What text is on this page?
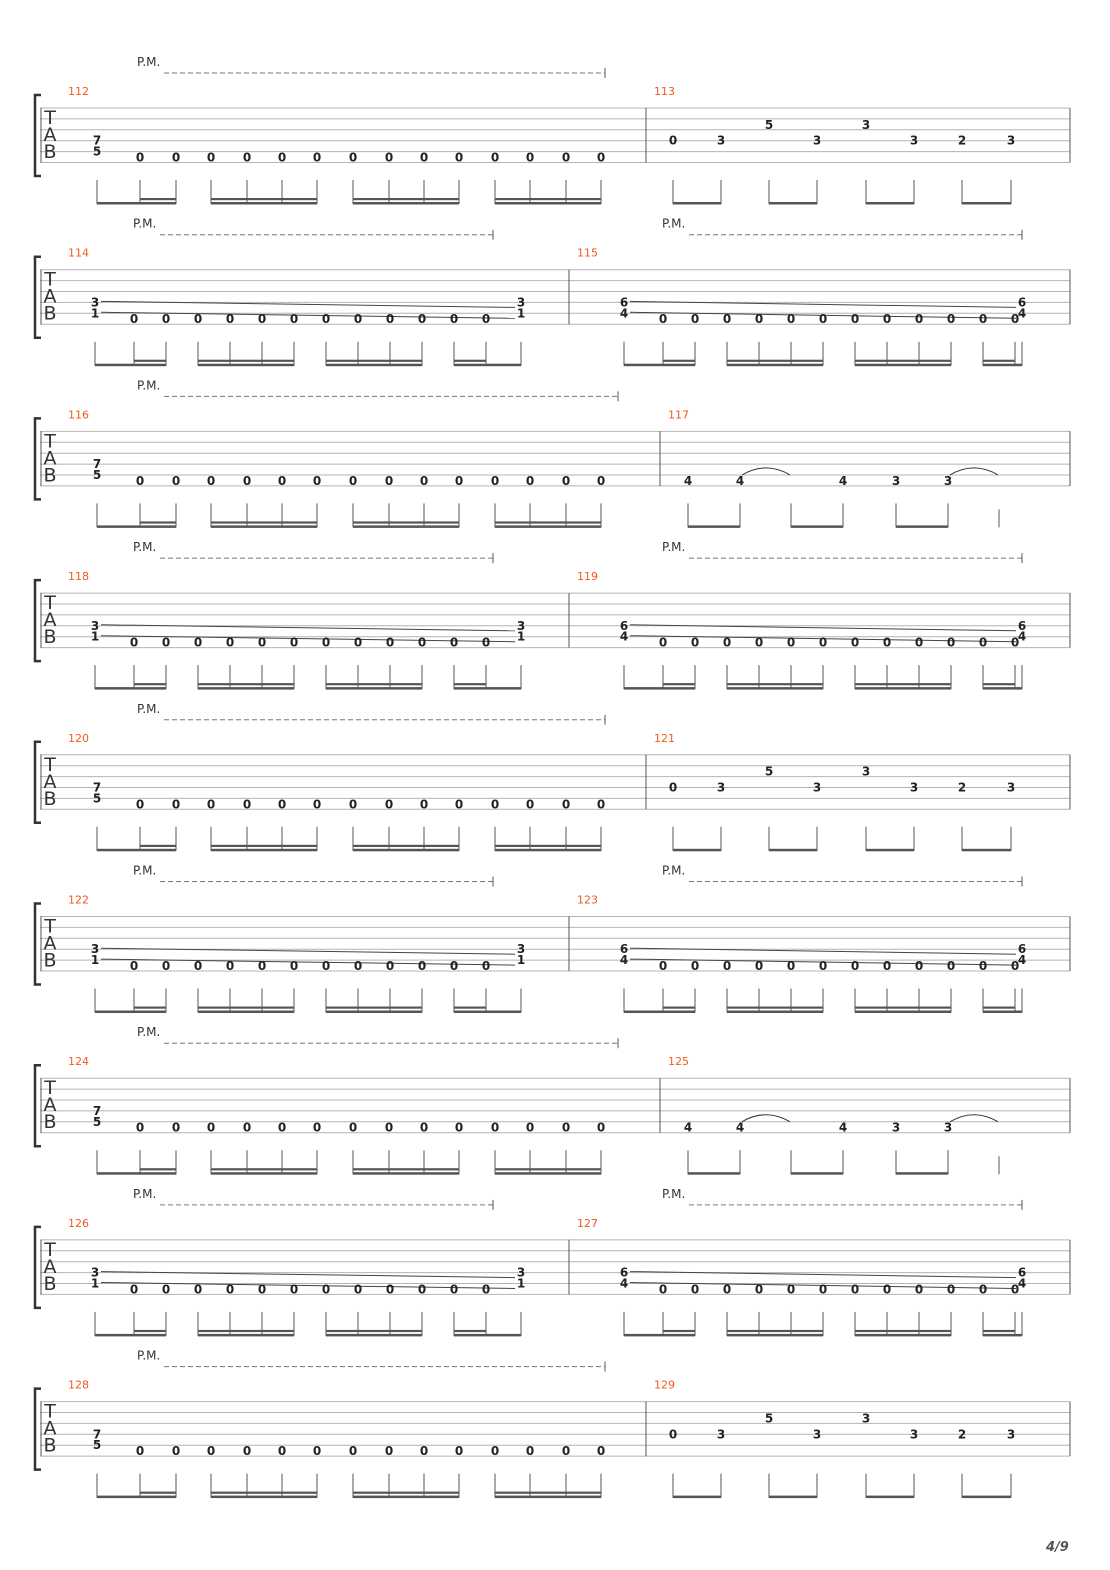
T
A
B
112
7
5	0 0 0 0 0 0 0 0 0 0 0 0 0 0
P.M.
113
0	3
5
3
3
3	2	3
T
A
B
114
3
1
3
1
0 0 0 0 0 0 0 0 0 0 0 0
P.M.
115
6
4
6
4
0 0 0 0 0 0 0 0 0 0 0 0
P.M.
T
A
B
116
7
5	0 0 0 0 0 0 0 0 0 0 0 0 0 0
P.M.
117
4	4	4	3	3
T
A
B
118
3
1
3
1
0 0 0 0 0 0 0 0 0 0 0 0
P.M.
119
6
4
6
4
0 0 0 0 0 0 0 0 0 0 0 0
P.M.
T
A
B
120
7
5	0 0 0 0 0 0 0 0 0 0 0 0 0 0
P.M.
121
0	3
5
3
3
3	2	3
T
A
B
122
3
1
3
1
0 0 0 0 0 0 0 0 0 0 0 0
P.M.
123
6
4
6
4
0 0 0 0 0 0 0 0 0 0 0 0
P.M.
T
A
B
124
7
5	0 0 0 0 0 0 0 0 0 0 0 0 0 0
P.M.
125
4	4	4	3	3
T
A
B
126
3
1
3
1
0 0 0 0 0 0 0 0 0 0 0 0
P.M.
127
6
4
6
4
0 0 0 0 0 0 0 0 0 0 0 0
P.M.
T
A
B
128
7
5	0 0 0 0 0 0 0 0 0 0 0 0 0 0
P.M.
129
0	3
5
3
3
3	2	3
4/9
